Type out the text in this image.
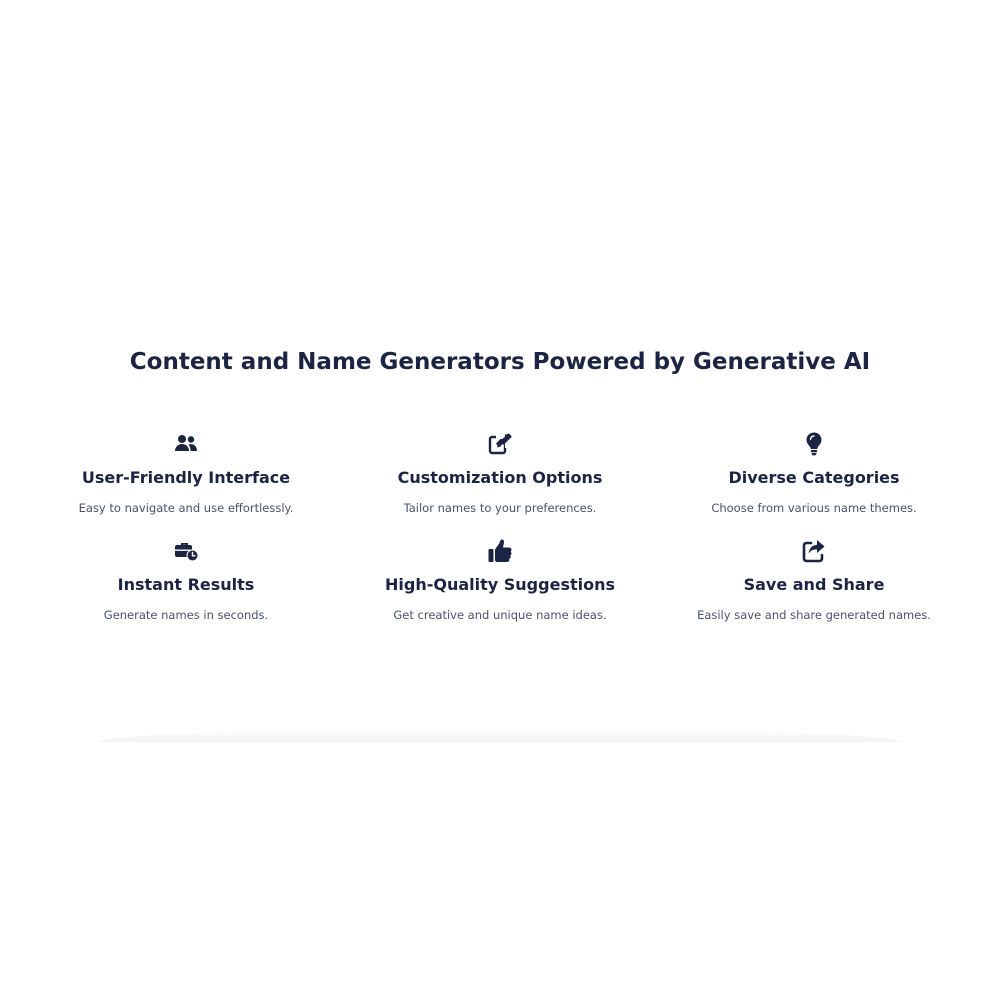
Content and Name Generators Powered by Generative AI
User-Friendly Interface

Easy to navigate and use effortlessly.

Customization Options

Tailor names to your preferences.

Diverse Categories

Choose from various name themes.

Instant Results

Generate names in seconds.

High-Quality Suggestions

Get creative and unique name ideas.

Save and Share

Easily save and share generated names.
